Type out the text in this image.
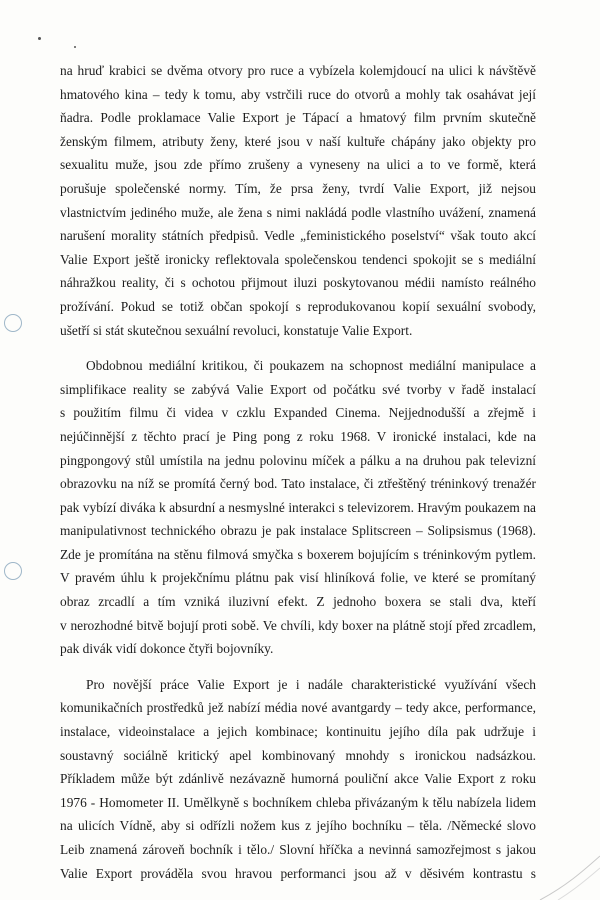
na hruď krabici se dvěma otvory pro ruce a vybízela kolemjdoucí na ulici k návštěvě
hmatového kina – tedy k tomu, aby vstrčili ruce do otvorů a mohly tak osahávat její
ňadra. Podle proklamace Valie Export je Tápací a hmatový film prvním skutečně
ženským filmem, atributy ženy, které jsou v naší kultuře chápány jako objekty pro
sexualitu muže, jsou zde přímo zrušeny a vyneseny na ulici a to ve formě, která
porušuje společenské normy. Tím, že prsa ženy, tvrdí Valie Export, již nejsou
vlastnictvím jediného muže, ale žena s nimi nakládá podle vlastního uvážení, znamená
narušení morality státních předpisů. Vedle „feministického poselství“ však touto akcí
Valie Export ještě ironicky reflektovala společenskou tendenci spokojit se s mediální
náhražkou reality, či s ochotou přijmout iluzi poskytovanou médii namísto reálného
prožívání. Pokud se totiž občan spokojí s reprodukovanou kopií sexuální svobody,
ušetří si stát skutečnou sexuální revoluci, konstatuje Valie Export.
Obdobnou mediální kritikou, či poukazem na schopnost mediální manipulace a
simplifikace reality se zabývá Valie Export od počátku své tvorby v řadě instalací
s použitím filmu či videa v czklu Expanded Cinema. Nejjednodušší a zřejmě i
nejúčinnější z těchto prací je Ping pong z roku 1968. V ironické instalaci, kde na
pingpongový stůl umístila na jednu polovinu míček a pálku a na druhou pak televizní
obrazovku na níž se promítá černý bod. Tato instalace, či ztřeštěný tréninkový trenažér
pak vybízí diváka k absurdní a nesmyslné interakci s televizorem. Hravým poukazem na
manipulativnost technického obrazu je pak instalace Splitscreen – Solipsismus (1968).
Zde je promítána na stěnu filmová smyčka s boxerem bojujícím s tréninkovým pytlem.
V pravém úhlu k projekčnímu plátnu pak visí hliníková folie, ve které se promítaný
obraz zrcadlí a tím vzniká iluzivní efekt. Z jednoho boxera se stali dva, kteří
v nerozhodné bitvě bojují proti sobě. Ve chvíli, kdy boxer na plátně stojí před zrcadlem,
pak divák vidí dokonce čtyři bojovníky.
Pro novější práce Valie Export je i nadále charakteristické využívání všech
komunikačních prostředků jež nabízí média nové avantgardy – tedy akce, performance,
instalace, videoinstalace a jejich kombinace; kontinuitu jejího díla pak udržuje i
soustavný sociálně kritický apel kombinovaný mnohdy s ironickou nadsázkou.
Příkladem může být zdánlivě nezávazně humorná pouliční akce Valie Export z roku
1976 - Homometer II. Umělkyně s bochníkem chleba přivázaným k tělu nabízela lidem
na ulicích Vídně, aby si odřízli nožem kus z jejího bochníku – těla. /Německé slovo
Leib znamená zároveň bochník i tělo./ Slovní hříčka a nevinná samozřejmost s jakou
Valie Export prováděla svou hravou performanci jsou až v děsivém kontrastu s
